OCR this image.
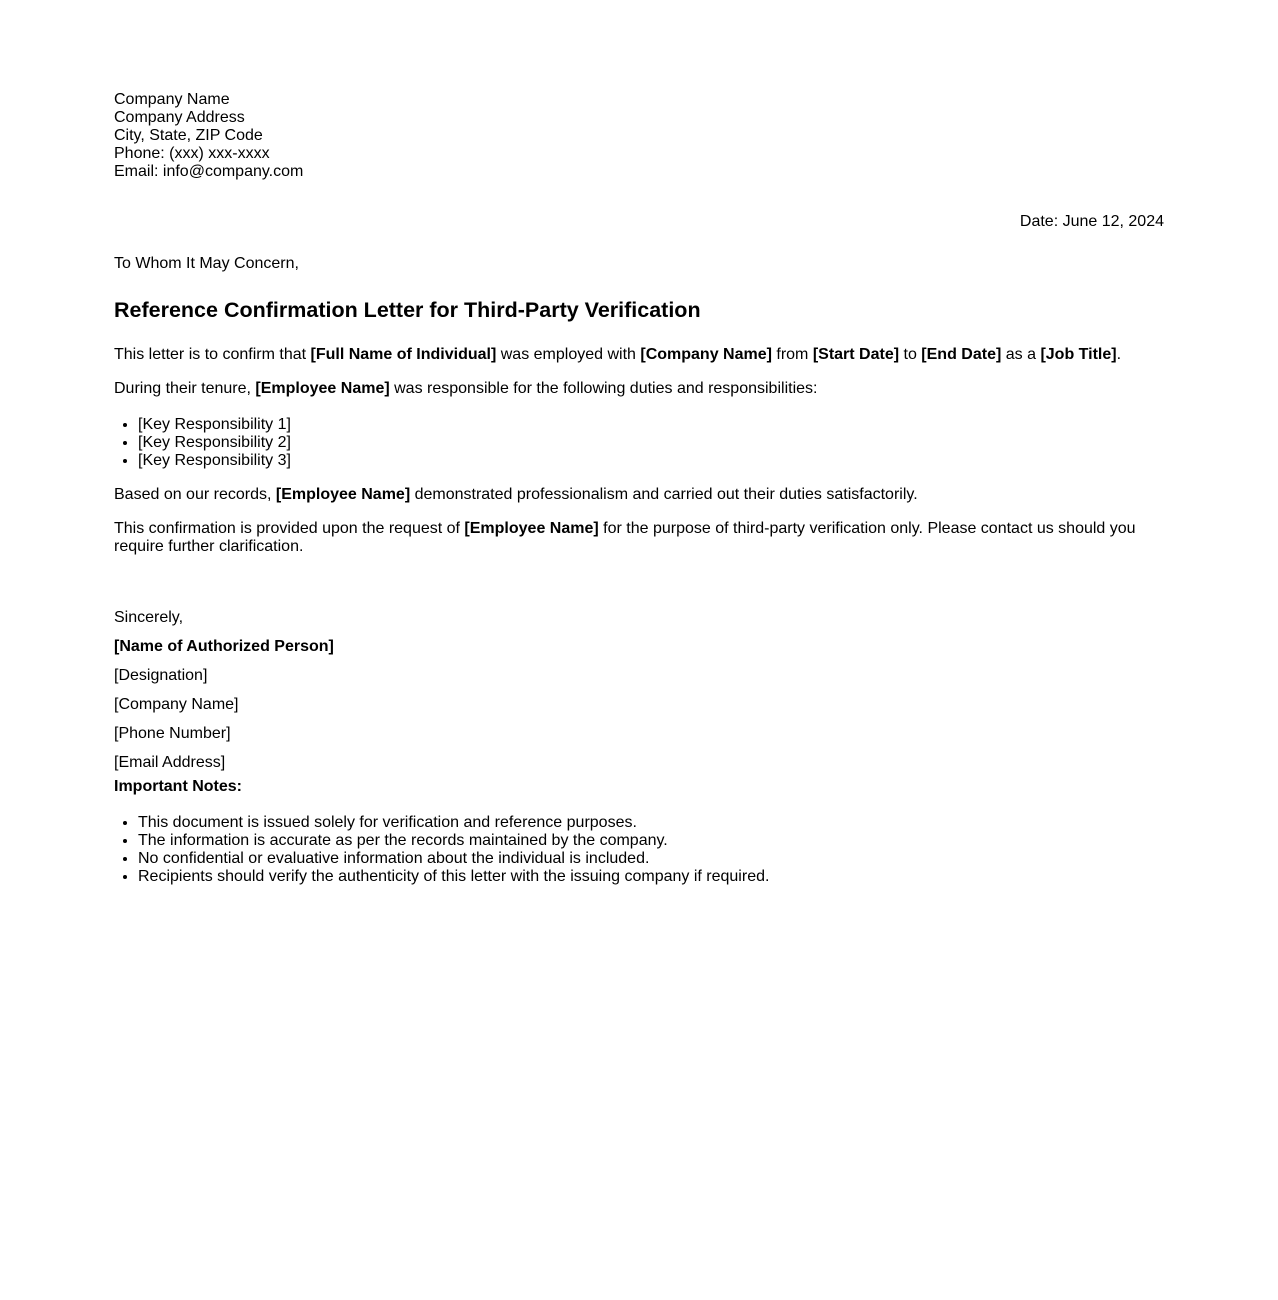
Company Name
Company Address
City, State, ZIP Code
Phone: (xxx) xxx-xxxx
Email: info@company.com
Date: June 12, 2024
To Whom It May Concern,
Reference Confirmation Letter for Third-Party Verification

This letter is to confirm that [Full Name of Individual] was employed with [Company Name] from [Start Date] to [End Date] as a [Job Title].

During their tenure, [Employee Name] was responsible for the following duties and responsibilities:

• [Key Responsibility 1]
• [Key Responsibility 2]
• [Key Responsibility 3]

Based on our records, [Employee Name] demonstrated professionalism and carried out their duties satisfactorily.

This confirmation is provided upon the request of [Employee Name] for the purpose of third-party verification only. Please contact us should you require further clarification.

Sincerely,
[Name of Authorized Person]
[Designation]
[Company Name]
[Phone Number]
[Email Address]
Important Notes:
• This document is issued solely for verification and reference purposes.
• The information is accurate as per the records maintained by the company.
• No confidential or evaluative information about the individual is included.
• Recipients should verify the authenticity of this letter with the issuing company if required.
